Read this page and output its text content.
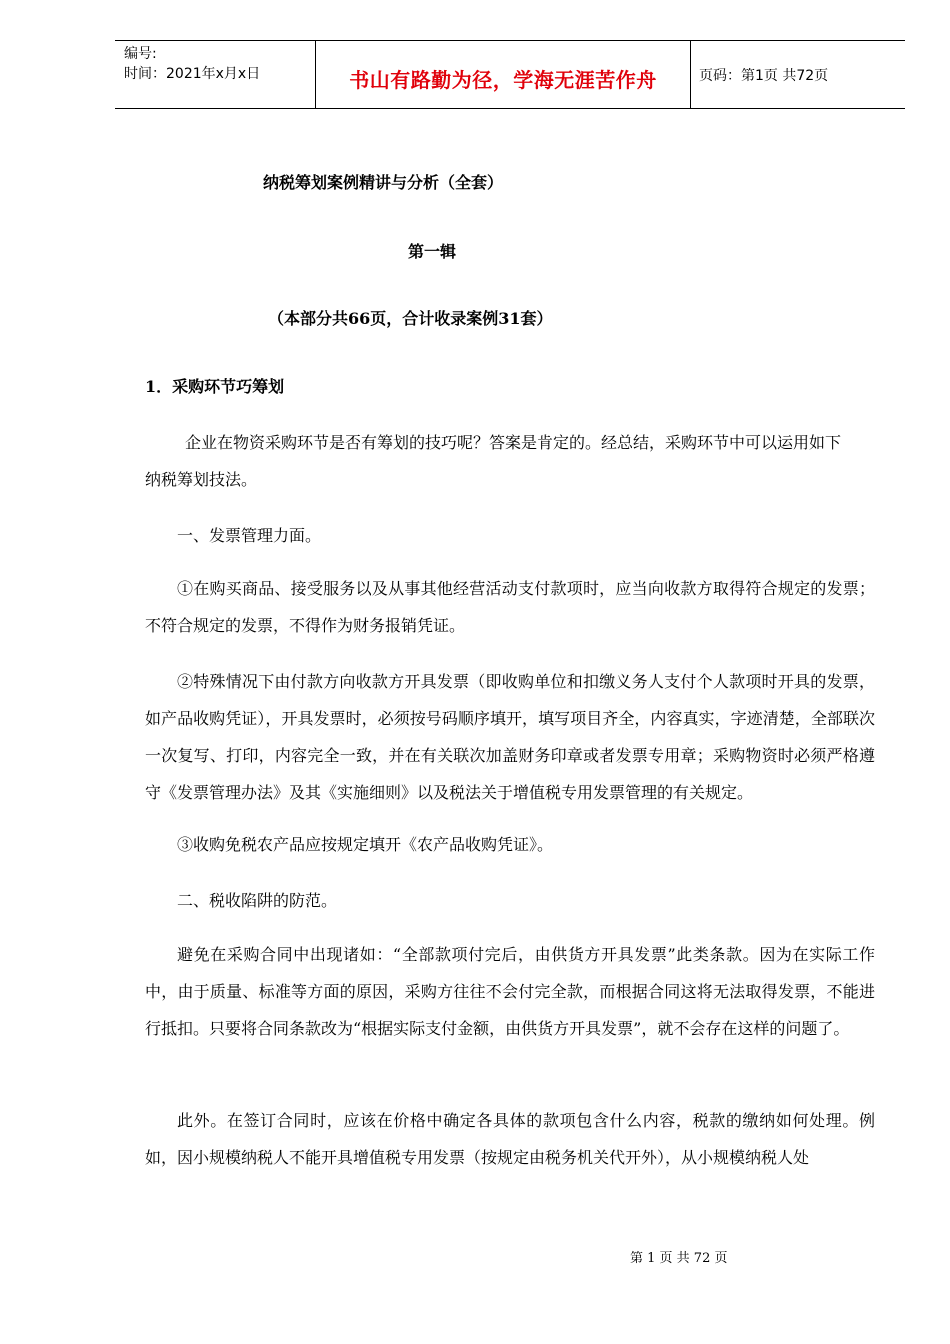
编号:
时间：2021年x月x日	书山有路勤为径，学海无涯苦作舟	页码：第1页 共72页
纳税筹划案例精讲与分析（全套）
第一辑
（本部分共66页，合计收录案例31套）
1．采购环节巧筹划
企业在物资采购环节是否有筹划的技巧呢？答案是肯定的。经总结，采购环节中可以运用如下
纳税筹划技法。
一、发票管理力面。

①在购买商品、接受服务以及从事其他经营活动支付款项时，应当向收款方取得符合规定的发票；不符合规定的发票，不得作为财务报销凭证。

②特殊情况下由付款方向收款方开具发票（即收购单位和扣缴义务人支付个人款项时开具的发票，如产品收购凭证），开具发票时，必须按号码顺序填开，填写项目齐全，内容真实，字迹清楚，全部联次一次复写、打印，内容完全一致，并在有关联次加盖财务印章或者发票专用章；采购物资时必须严格遵守《发票管理办法》及其《实施细则》以及税法关于增值税专用发票管理的有关规定。

③收购免税农产品应按规定填开《农产品收购凭证》。
二、税收陷阱的防范。

避免在采购合同中出现诸如：“全部款项付完后，由供货方开具发票”此类条款。因为在实际工作中，由于质量、标准等方面的原因，采购方往往不会付完全款，而根据合同这将无法取得发票，不能进行抵扣。只要将合同条款改为“根据实际支付金额，由供货方开具发票”，就不会存在这样的问题了。

此外。在签订合同时，应该在价格中确定各具体的款项包含什么内容，税款的缴纳如何处理。例如，因小规模纳税人不能开具增值税专用发票（按规定由税务机关代开外），从小规模纳税人处

第 1 页 共 72 页
